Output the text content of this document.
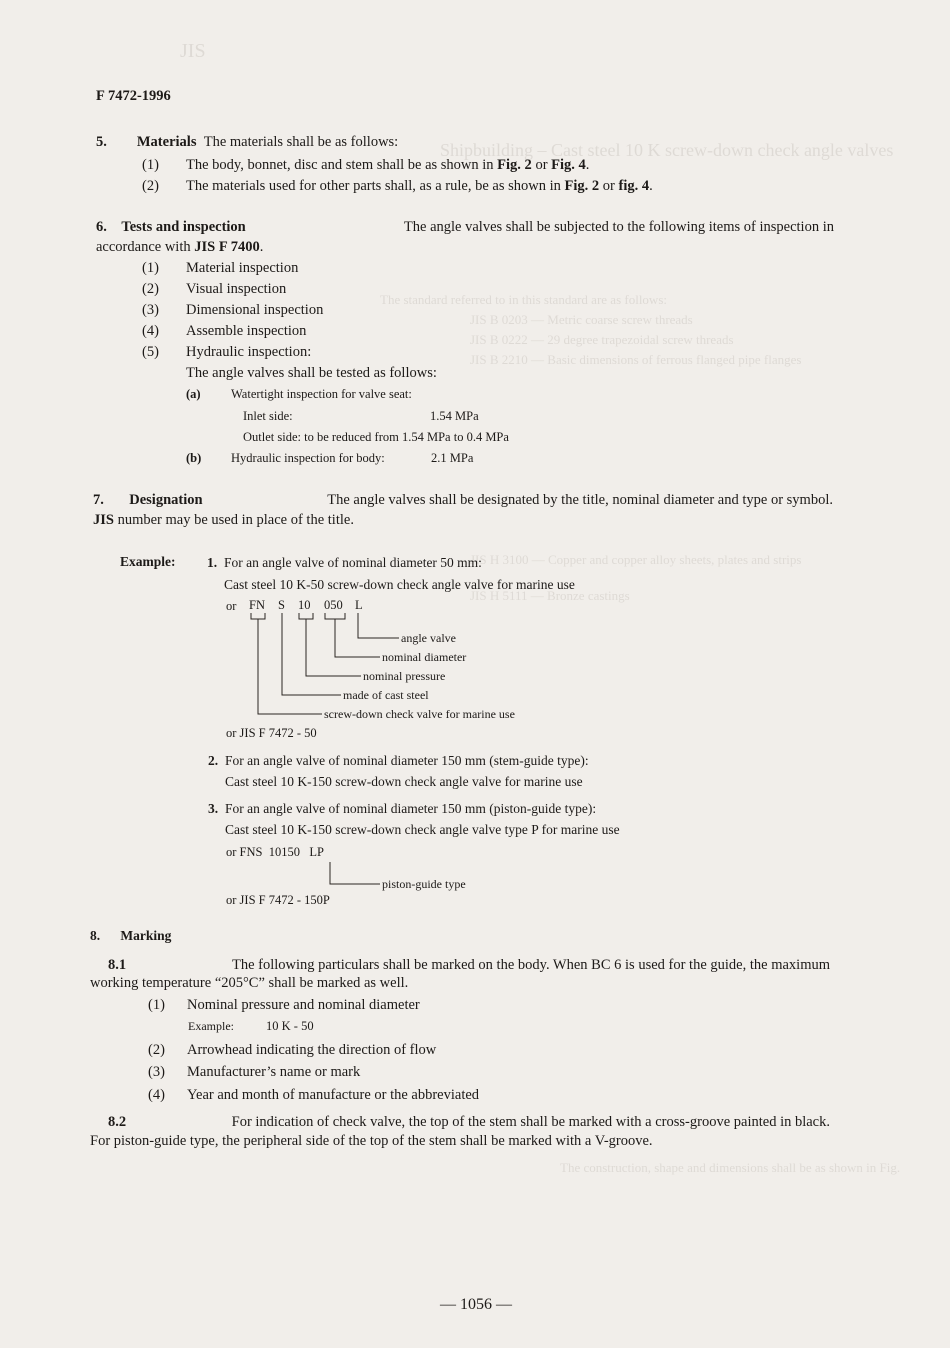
JIS
Shipbuilding – Cast steel 10 K screw-down check angle valves
The standard referred to in this standard are as follows:
JIS B 0203 — Metric coarse screw threads
JIS B 0222 — 29 degree trapezoidal screw threads
JIS B 2210 — Basic dimensions of ferrous flanged pipe flanges
JIS H 3100 — Copper and copper alloy sheets, plates and strips
JIS H 5111 — Bronze castings
The construction, shape and dimensions shall be as shown in Fig.
F 7472-1996
5. Materials The materials shall be as follows:
(1) The body, bonnet, disc and stem shall be as shown in Fig. 2 or Fig. 4.
(2) The materials used for other parts shall, as a rule, be as shown in Fig. 2 or fig. 4.
6. Tests and inspection	The angle valves shall be subjected to the following items of inspection in
accordance with JIS F 7400.
(1) Material inspection
(2) Visual inspection
(3) Dimensional inspection
(4) Assemble inspection
(5) Hydraulic inspection:
The angle valves shall be tested as follows:
(a) Watertight inspection for valve seat:
Inlet side:	1.54 MPa
Outlet side: to be reduced from 1.54 MPa to 0.4 MPa
(b) Hydraulic inspection for body:	2.1 MPa
7. Designation	The angle valves shall be designated by the title, nominal diameter and type or symbol.
JIS number may be used in place of the title.
Example: 1. For an angle valve of nominal diameter 50 mm:
Cast steel 10 K-50 screw-down check angle valve for marine use
or FN S 10 050 L
angle valve
nominal diameter
nominal pressure
made of cast steel
screw-down check valve for marine use
or JIS F 7472 - 50
2. For an angle valve of nominal diameter 150 mm (stem-guide type):
Cast steel 10 K-150 screw-down check angle valve for marine use
3. For an angle valve of nominal diameter 150 mm (piston-guide type):
Cast steel 10 K-150 screw-down check angle valve type P for marine use
or FNS  10150 LP
piston-guide type
or JIS F 7472 - 150P
8. Marking
8.1	The following particulars shall be marked on the body. When BC 6 is used for the guide, the maximum
working temperature “205°C” shall be marked as well.
(1) Nominal pressure and nominal diameter
Example:	10 K - 50
(2) Arrowhead indicating the direction of flow
(3) Manufacturer’s name or mark
(4) Year and month of manufacture or the abbreviated
8.2	For indication of check valve, the top of the stem shall be marked with a cross-groove painted in black.
For piston-guide type, the peripheral side of the top of the stem shall be marked with a V-groove.
— 1056 —
